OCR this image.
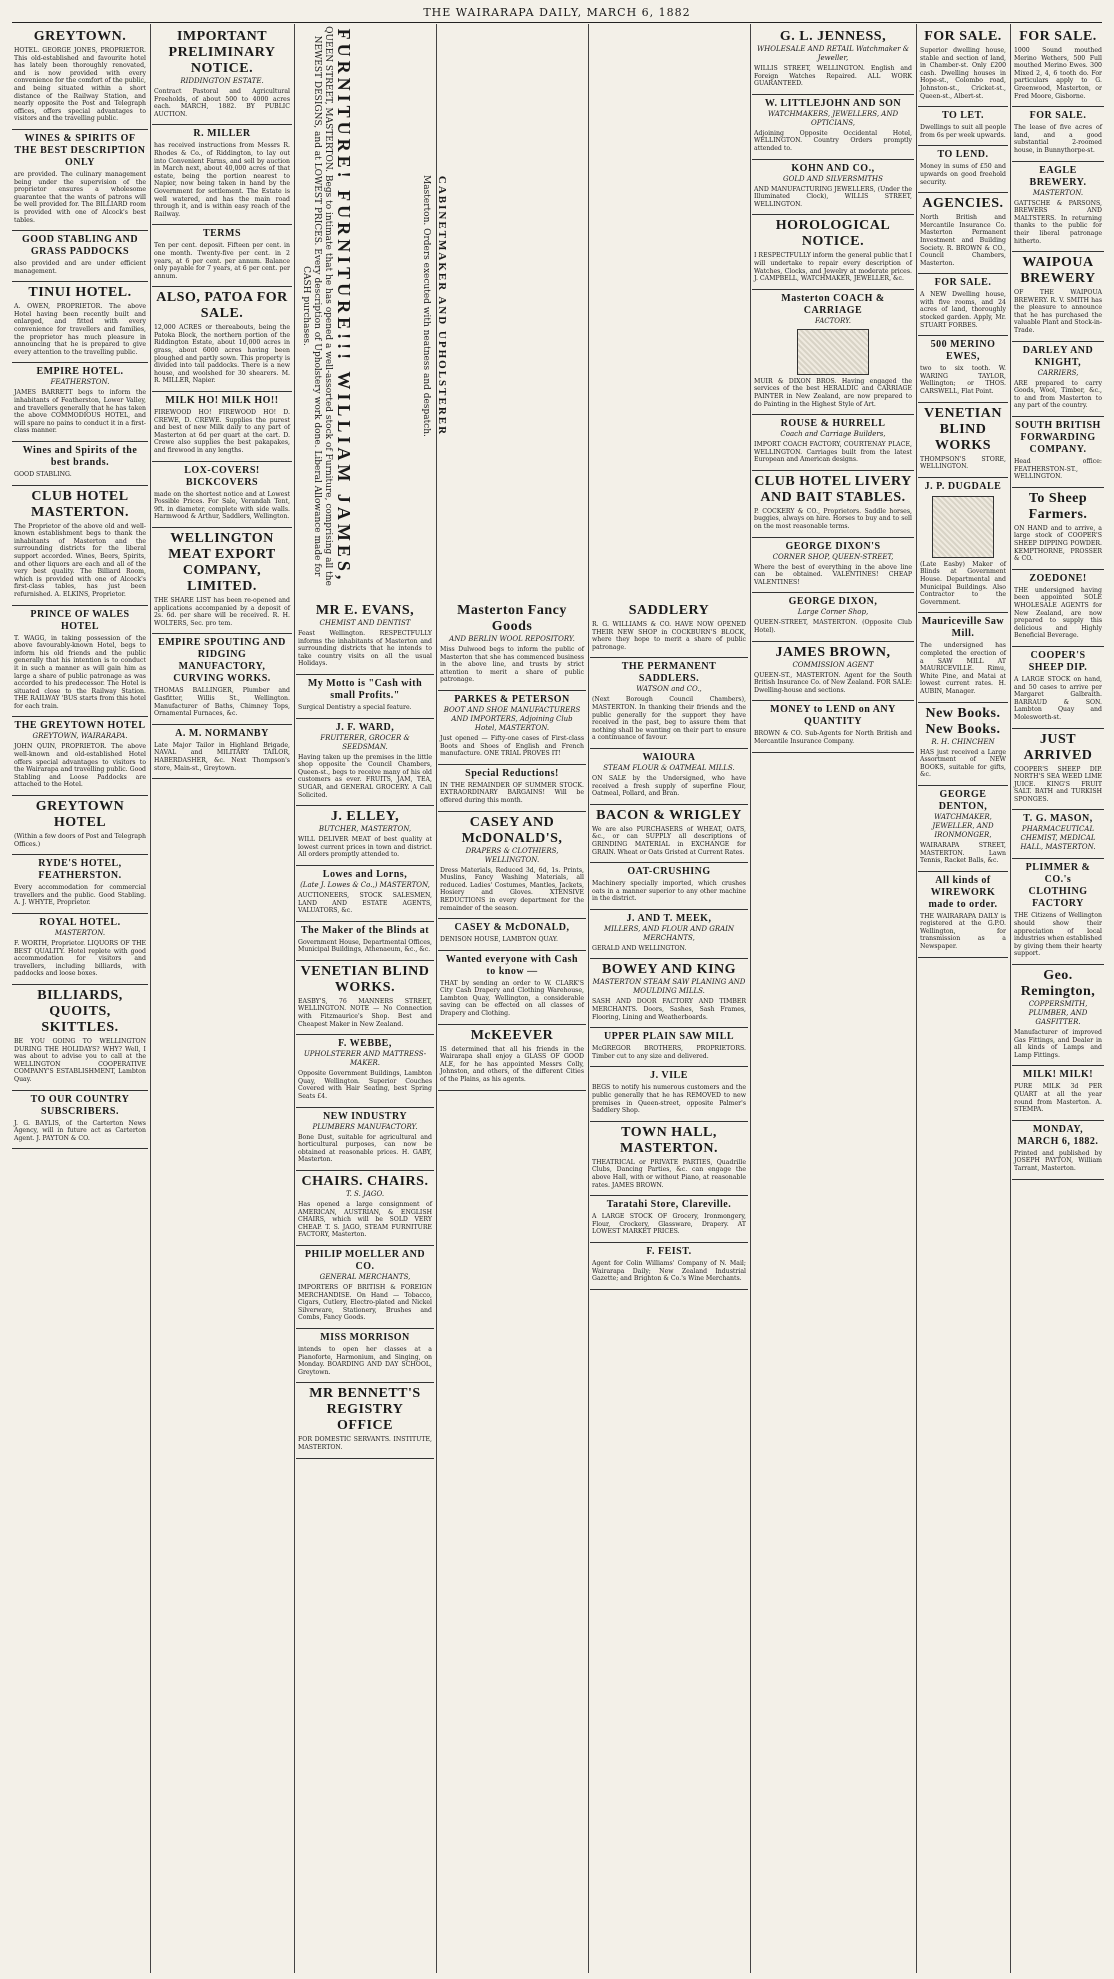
THE WAIRARAPA DAILY, MARCH 6, 1882
GREYTOWN.

HOTEL. GEORGE JONES, PROPRIETOR. This old-established and favourite hotel has lately been thoroughly renovated, and is now provided with every convenience for the comfort of the public, and being situated within a short distance of the Railway Station, and nearly opposite the Post and Telegraph offices, offers special advantages to visitors and the travelling public.

WINES & SPIRITS OF THE BEST DESCRIPTION ONLY

are provided. The culinary management being under the supervision of the proprietor ensures a wholesome guarantee that the wants of patrons will be well provided for. The BILLIARD room is provided with one of Alcock's best tables.

GOOD STABLING AND GRASS PADDOCKS

also provided and are under efficient management.

TINUI HOTEL.

A. OWEN, PROPRIETOR. The above Hotel having been recently built and enlarged, and fitted with every convenience for travellers and families, the proprietor has much pleasure in announcing that he is prepared to give every attention to the travelling public.

EMPIRE HOTEL.
FEATHERSTON.

JAMES BARRETT begs to inform the inhabitants of Featherston, Lower Valley, and travellers generally that he has taken the above COMMODIOUS HOTEL, and will spare no pains to conduct it in a first-class manner.

Wines and Spirits of the best brands.

GOOD STABLING.

CLUB HOTEL MASTERTON.

The Proprietor of the above old and well-known establishment begs to thank the inhabitants of Masterton and the surrounding districts for the liberal support accorded. Wines, Beers, Spirits, and other liquors are each and all of the very best quality. The Billiard Room, which is provided with one of Alcock's first-class tables, has just been refurnished. A. ELKINS, Proprietor.

PRINCE OF WALES HOTEL

T. WAGG, in taking possession of the above favourably-known Hotel, begs to inform his old friends and the public generally that his intention is to conduct it in such a manner as will gain him as large a share of public patronage as was accorded to his predecessor. The Hotel is situated close to the Railway Station. THE RAILWAY 'BUS starts from this hotel for each train.

THE GREYTOWN HOTEL
GREYTOWN, WAIRARAPA.

JOHN QUIN, PROPRIETOR. The above well-known and old-established Hotel offers special advantages to visitors to the Wairarapa and travelling public. Good Stabling and Loose Paddocks are attached to the Hotel.

GREYTOWN HOTEL

(Within a few doors of Post and Telegraph Offices.)

RYDE'S HOTEL, FEATHERSTON.

Every accommodation for commercial travellers and the public. Good Stabling. A. J. WHYTE, Proprietor.

ROYAL HOTEL.
MASTERTON.

F. WORTH, Proprietor. LIQUORS OF THE BEST QUALITY. Hotel replete with good accommodation for visitors and travellers, including billiards, with paddocks and loose boxes.

BILLIARDS, QUOITS, SKITTLES.

BE YOU GOING TO WELLINGTON DURING THE HOLIDAYS? WHY? Well, I was about to advise you to call at the WELLINGTON COOPERATIVE COMPANY'S ESTABLISHMENT, Lambton Quay.

TO OUR COUNTRY SUBSCRIBERS.

J. G. BAYLIS, of the Carterton News Agency, will in future act as Carterton Agent. J. PAYTON & CO.

IMPORTANT PRELIMINARY NOTICE.
RIDDINGTON ESTATE.

Contract Pastoral and Agricultural Freeholds, of about 500 to 4000 acres each. MARCH, 1882. BY PUBLIC AUCTION.

R. MILLER

has received instructions from Messrs R. Rhodes & Co., of Riddington, to lay out into Convenient Farms, and sell by auction in March next, about 40,000 acres of that estate, being the portion nearest to Napier, now being taken in hand by the Government for settlement. The Estate is well watered, and has the main road through it, and is within easy reach of the Railway.

TERMS

Ten per cent. deposit. Fifteen per cent. in one month. Twenty-five per cent. in 2 years, at 6 per cent. per annum. Balance only payable for 7 years, at 6 per cent. per annum.

ALSO, PATOA FOR SALE.

12,000 ACRES or thereabouts, being the Patoka Block, the northern portion of the Riddington Estate, about 10,000 acres in grass, about 6000 acres having been ploughed and partly sown. This property is divided into tail paddocks. There is a new house, and woolshed for 30 shearers. M. R. MILLER, Napier.

MILK HO! MILK HO!!

FIREWOOD HO! FIREWOOD HO! D. CREWE, D. CREWE. Supplies the purest and best of new Milk daily to any part of Masterton at 6d per quart at the cart. D. Crewe also supplies the best pakapakes, and firewood in any lengths.

LOX-COVERS! BICKCOVERS

made on the shortest notice and at Lowest Possible Prices. For Sale, Verandah Tent, 9ft. in diameter, complete with side walls. Harmwood & Arthur, Saddlers, Wellington.

WELLINGTON MEAT EXPORT COMPANY, LIMITED.

THE SHARE LIST has been re-opened and applications accompanied by a deposit of 2s. 6d. per share will be received. R. H. WOLTERS, Sec. pro tem.

EMPIRE SPOUTING AND RIDGING MANUFACTORY, CURVING WORKS.

THOMAS BALLINGER, Plumber and Gasfitter, Willis St., Wellington. Manufacturer of Baths, Chimney Tops, Ornamental Furnaces, &c.

A. M. NORMANBY

Late Major Tailor in Highland Brigade, NAVAL and MILITARY TAILOR, HABERDASHER, &c. Next Thompson's store, Main-st., Greytown.

MR E. EVANS,
CHEMIST AND DENTIST

Feast Wellington. RESPECTFULLY informs the inhabitants of Masterton and surrounding districts that he intends to take country visits on all the usual Holidays.

My Motto is "Cash with small Profits."

Surgical Dentistry a special feature.

J. F. WARD,
FRUITERER, GROCER & SEEDSMAN.

Having taken up the premises in the little shop opposite the Council Chambers, Queen-st., begs to receive many of his old customers as ever. FRUITS, JAM, TEA, SUGAR, and GENERAL GROCERY. A Call Solicited.

J. ELLEY,
BUTCHER, MASTERTON,

WILL DELIVER MEAT of best quality at lowest current prices in town and district. All orders promptly attended to.

Lowes and Lorns,
(Late J. Lowes & Co.,) MASTERTON,

AUCTIONEERS, STOCK SALESMEN, LAND AND ESTATE AGENTS, VALUATORS, &c.

The Maker of the Blinds at

Government House, Departmental Offices, Municipal Buildings, Athenaeum, &c., &c.

VENETIAN BLIND WORKS.

EASBY'S, 76 MANNERS STREET, WELLINGTON. NOTE — No Connection with Fitzmaurice's Shop. Best and Cheapest Maker in New Zealand.

F. WEBBE,
UPHOLSTERER AND MATTRESS-MAKER.

Opposite Government Buildings, Lambton Quay, Wellington. Superior Couches Covered with Hair Seating, best Spring Seats £4.

NEW INDUSTRY
PLUMBERS MANUFACTORY.

Bone Dust, suitable for agricultural and horticultural purposes, can now be obtained at reasonable prices. H. GABY, Masterton.

CHAIRS. CHAIRS.
T. S. JAGO.

Has opened a large consignment of AMERICAN, AUSTRIAN, & ENGLISH CHAIRS, which will be SOLD VERY CHEAP. T. S. JAGO, STEAM FURNITURE FACTORY, Masterton.

PHILIP MOELLER AND CO.
GENERAL MERCHANTS,

IMPORTERS OF BRITISH & FOREIGN MERCHANDISE. On Hand — Tobacco, Cigars, Cutlery, Electro-plated and Nickel Silverware, Stationery, Brushes and Combs, Fancy Goods.

MISS MORRISON

intends to open her classes at a Pianoforte, Harmonium, and Singing, on Monday. BOARDING AND DAY SCHOOL, Greytown.

MR BENNETT'S REGISTRY OFFICE

FOR DOMESTIC SERVANTS. INSTITUTE, MASTERTON.

Masterton Fancy Goods
AND BERLIN WOOL REPOSITORY.

Miss Dulwood begs to inform the public of Masterton that she has commenced business in the above line, and trusts by strict attention to merit a share of public patronage.

PARKES & PETERSON
BOOT AND SHOE MANUFACTURERS AND IMPORTERS, Adjoining Club Hotel, MASTERTON.

Just opened — Fifty-one cases of First-class Boots and Shoes of English and French manufacture. ONE TRIAL PROVES IT!

Special Reductions!

IN THE REMAINDER OF SUMMER STOCK. EXTRAORDINARY BARGAINS! Will be offered during this month.

CASEY AND McDONALD'S,
DRAPERS & CLOTHIERS, WELLINGTON.

Dress Materials, Reduced 3d, 6d, 1s. Prints, Muslins, Fancy Washing Materials, all reduced. Ladies' Costumes, Mantles, Jackets, Hosiery and Gloves. XTENSIVE REDUCTIONS in every department for the remainder of the season.

CASEY & McDONALD,

DENISON HOUSE, LAMBTON QUAY.

Wanted everyone with Cash to know —

THAT by sending an order to W. CLARK'S City Cash Drapery and Clothing Warehouse, Lambton Quay, Wellington, a considerable saving can be effected on all classes of Drapery and Clothing.

McKEEVER

IS determined that all his friends in the Wairarapa shall enjoy a GLASS OF GOOD ALE, for he has appointed Messrs Colly, Johnston, and others, of the different Cities of the Plains, as his agents.

SADDLERY

R. G. WILLIAMS & CO. HAVE NOW OPENED THEIR NEW SHOP in COCKBURN'S BLOCK, where they hope to merit a share of public patronage.

THE PERMANENT SADDLERS.
WATSON and CO.,

(Next Borough Council Chambers), MASTERTON. In thanking their friends and the public generally for the support they have received in the past, beg to assure them that nothing shall be wanting on their part to ensure a continuance of favour.

WAIOURA
STEAM FLOUR & OATMEAL MILLS.

ON SALE by the Undersigned, who have received a fresh supply of superfine Flour, Oatmeal, Pollard, and Bran.

BACON & WRIGLEY

We are also PURCHASERS of WHEAT, OATS, &c., or can SUPPLY all descriptions of GRINDING MATERIAL in EXCHANGE for GRAIN. Wheat or Oats Gristed at Current Rates.

OAT-CRUSHING

Machinery specially imported, which crushes oats in a manner superior to any other machine in the district.

J. AND T. MEEK,
MILLERS, AND FLOUR AND GRAIN MERCHANTS,

GERALD AND WELLINGTON.

BOWEY AND KING
MASTERTON STEAM SAW PLANING AND MOULDING MILLS.

SASH AND DOOR FACTORY AND TIMBER MERCHANTS. Doors, Sashes, Sash Frames, Flooring, Lining and Weatherboards.

UPPER PLAIN SAW MILL

McGREGOR BROTHERS, PROPRIETORS. Timber cut to any size and delivered.

J. VILE

BEGS to notify his numerous customers and the public generally that he has REMOVED to new premises in Queen-street, opposite Palmer's Saddlery Shop.

TOWN HALL, MASTERTON.

THEATRICAL or PRIVATE PARTIES, Quadrille Clubs, Dancing Parties, &c. can engage the above Hall, with or without Piano, at reasonable rates. JAMES BROWN.

Taratahi Store, Clareville.

A LARGE STOCK OF Grocery, Ironmongery, Flour, Crockery, Glassware, Drapery. AT LOWEST MARKET PRICES.

F. FEIST.

Agent for Colin Williams' Company of N. Mail; Wairarapa Daily; New Zealand Industrial Gazette; and Brighton & Co.'s Wine Merchants.

G. L. JENNESS,
WHOLESALE AND RETAIL Watchmaker & Jeweller,

WILLIS STREET, WELLINGTON. English and Foreign Watches Repaired. ALL WORK GUARANTEED.

W. LITTLEJOHN AND SON
WATCHMAKERS, JEWELLERS, AND OPTICIANS,

Adjoining Opposite Occidental Hotel, WELLINGTON. Country Orders promptly attended to.

KOHN AND CO.,
GOLD AND SILVERSMITHS

AND MANUFACTURING JEWELLERS, (Under the Illuminated Clock), WILLIS STREET, WELLINGTON.

HOROLOGICAL NOTICE.

I RESPECTFULLY inform the general public that I will undertake to repair every description of Watches, Clocks, and Jewelry at moderate prices. J. CAMPBELL, WATCHMAKER, JEWELLER, &c.

Masterton COACH & CARRIAGE
FACTORY.

MUIR & DIXON BROS. Having engaged the services of the best HERALDIC and CARRIAGE PAINTER in New Zealand, are now prepared to do Painting in the Highest Style of Art.

ROUSE & HURRELL
Coach and Carriage Builders,

IMPORT COACH FACTORY, COURTENAY PLACE, WELLINGTON. Carriages built from the latest European and American designs.

CLUB HOTEL LIVERY AND BAIT STABLES.

P. COCKERY & CO., Proprietors. Saddle horses, buggies, always on hire. Horses to buy and to sell on the most reasonable terms.

GEORGE DIXON'S
CORNER SHOP, QUEEN-STREET,

Where the best of everything in the above line can be obtained. VALENTINES! CHEAP VALENTINES!

GEORGE DIXON,
Large Corner Shop,

QUEEN-STREET, MASTERTON. (Opposite Club Hotel).

JAMES BROWN,
COMMISSION AGENT

QUEEN-ST., MASTERTON. Agent for the South British Insurance Co. of New Zealand. FOR SALE: Dwelling-house and sections.

MONEY to LEND on ANY QUANTITY

BROWN & CO. Sub-Agents for North British and Mercantile Insurance Company.

FOR SALE.

Superior dwelling house, stable and section of land, in Chamber-st. Only £200 cash. Dwelling houses in Hope-st., Colombo road, Johnston-st., Cricket-st., Queen-st., Albert-st.

TO LET.

Dwellings to suit all people from 6s per week upwards.

TO LEND.

Money in sums of £50 and upwards on good freehold security.

AGENCIES.

North British and Mercantile Insurance Co. Masterton Permanent Investment and Building Society. R. BROWN & CO., Council Chambers, Masterton.

FOR SALE.

A NEW Dwelling house, with five rooms, and 24 acres of land, thoroughly stocked garden. Apply, Mr. STUART FORBES.

500 MERINO EWES,

two to six tooth. W. WARING TAYLOR, Wellington; or THOS. CARSWELL, Flat Point.

VENETIAN BLIND WORKS

THOMPSON'S STORE, WELLINGTON.

J. P. DUGDALE

(Late Easby) Maker of Blinds at Government House. Departmental and Municipal Buildings. Also Contractor to the Government.

Mauriceville Saw Mill.

The undersigned has completed the erection of a SAW MILL AT MAURICEVILLE. Rimu, White Pine, and Matai at lowest current rates. H. AUBIN, Manager.

New Books. New Books.
R. H. CHINCHEN

HAS just received a Large Assortment of NEW BOOKS, suitable for gifts, &c.

GEORGE DENTON,
WATCHMAKER, JEWELLER, AND IRONMONGER,

WAIRARAPA STREET, MASTERTON. Lawn Tennis, Racket Balls, &c.

All kinds of WIREWORK made to order.

THE WAIRARAPA DAILY is registered at the G.P.O. Wellington, for transmission as a Newspaper.

FOR SALE.

1000 Sound mouthed Merino Wethers, 500 Full mouthed Merino Ewes. 300 Mixed 2, 4, 6 tooth do. For particulars apply to G. Greenwood, Masterton, or Fred Moore, Gisborne.

FOR SALE.

The lease of five acres of land, and a good substantial 2-roomed house, in Bunnythorpe-st.

EAGLE BREWERY.
MASTERTON.

GATTSCHE & PARSONS, BREWERS AND MALTSTERS. In returning thanks to the public for their liberal patronage hitherto.

WAIPOUA BREWERY

OF THE WAIPOUA BREWERY. R. V. SMITH has the pleasure to announce that he has purchased the valuable Plant and Stock-in-Trade.

DARLEY AND KNIGHT,
CARRIERS,

ARE prepared to carry Goods, Wool, Timber, &c., to and from Masterton to any part of the country.

SOUTH BRITISH FORWARDING COMPANY.

Head office: FEATHERSTON-ST., WELLINGTON.

To Sheep Farmers.

ON HAND and to arrive, a large stock of COOPER'S SHEEP DIPPING POWDER. KEMPTHORNE, PROSSER & CO.

ZOEDONE!

THE undersigned having been appointed SOLE WHOLESALE AGENTS for New Zealand, are now prepared to supply this delicious and Highly Beneficial Beverage.

COOPER'S SHEEP DIP.

A LARGE STOCK on hand, and 50 cases to arrive per Margaret Galbraith. BARRAUD & SON. Lambton Quay and Molesworth-st.

JUST ARRIVED

COOPER'S SHEEP DIP. NORTH'S SEA WEED LIME JUICE. KING'S FRUIT SALT. BATH and TURKISH SPONGES.

T. G. MASON,
PHARMACEUTICAL CHEMIST, MEDICAL HALL, MASTERTON.

PLIMMER & CO.'s CLOTHING FACTORY

THE Citizens of Wellington should show their appreciation of local industries when established by giving them their hearty support.

Geo. Remington,
COPPERSMITH, PLUMBER, AND GASFITTER.

Manufacturer of improved Gas Fittings, and Dealer in all kinds of Lamps and Lamp Fittings.

MILK! MILK!

PURE MILK 3d PER QUART at all the year round from Masterton. A. STEMPA.

MONDAY, MARCH 6, 1882.

Printed and published by JOSEPH PAYTON, William Tarrant, Masterton.

FURNITURE! FURNITURE!!! WILLIAM JAMES,
QUEEN STREET, MASTERTON. Begs to intimate that he has opened a well-assorted stock of Furniture, comprising all the NEWEST DESIGNS, and at LOWEST PRICES. Every description of Upholstery work done. Liberal Allowance made for CASH purchases.	CABINETMAKER AND UPHOLSTERER
Masterton. Orders executed with neatness and despatch.
